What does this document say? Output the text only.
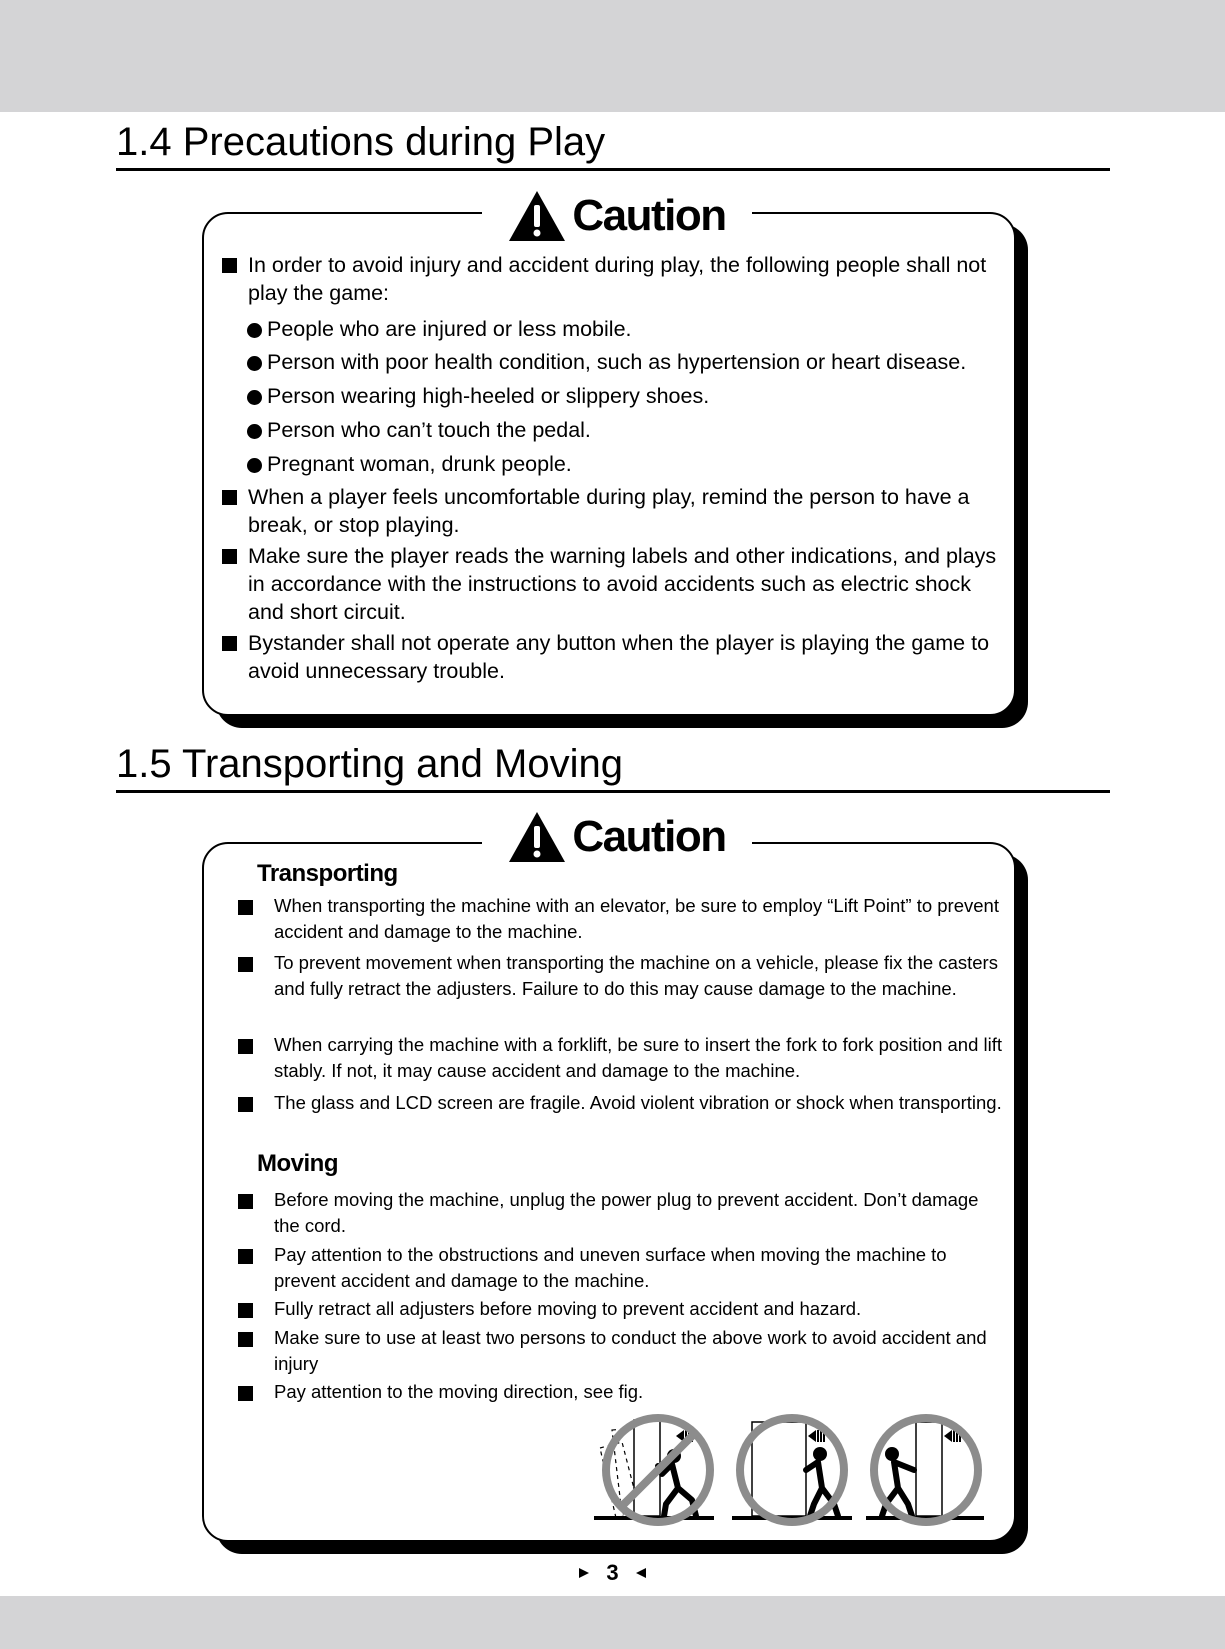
1.4 Precautions during Play
Caution
In order to avoid injury and accident during play, the following people shall not play the game:
People who are injured or less mobile.
Person with poor health condition, such as hypertension or heart disease.
Person wearing high-heeled or slippery shoes.
Person who can’t touch the pedal.
Pregnant woman, drunk people.
When a player feels uncomfortable during play, remind the person to have a break, or stop playing.
Make sure the player reads the warning labels and other indications, and plays in accordance with the instructions to avoid accidents such as electric shock and short circuit.
Bystander shall not operate any button when the player is playing the game to avoid unnecessary trouble.
1.5 Transporting and Moving
Caution
Transporting
When transporting the machine with an elevator, be sure to employ “Lift Point” to prevent accident and damage to the machine.
To prevent movement when transporting the machine on a vehicle, please fix the casters and fully retract the adjusters. Failure to do this may cause damage to the machine.
When carrying the machine with a forklift, be sure to insert the fork to fork position and lift stably. If not, it may cause accident and damage to the machine.
The glass and LCD screen are fragile. Avoid violent vibration or shock when transporting.
Moving
Before moving the machine, unplug the power plug to prevent accident. Don’t damage the cord.
Pay attention to the obstructions and uneven surface when moving the machine to prevent accident and damage to the machine.
Fully retract all adjusters before moving to prevent accident and hazard.
Make sure to use at least two persons to conduct the above work to avoid accident and injury
Pay attention to the moving direction, see fig.
3
